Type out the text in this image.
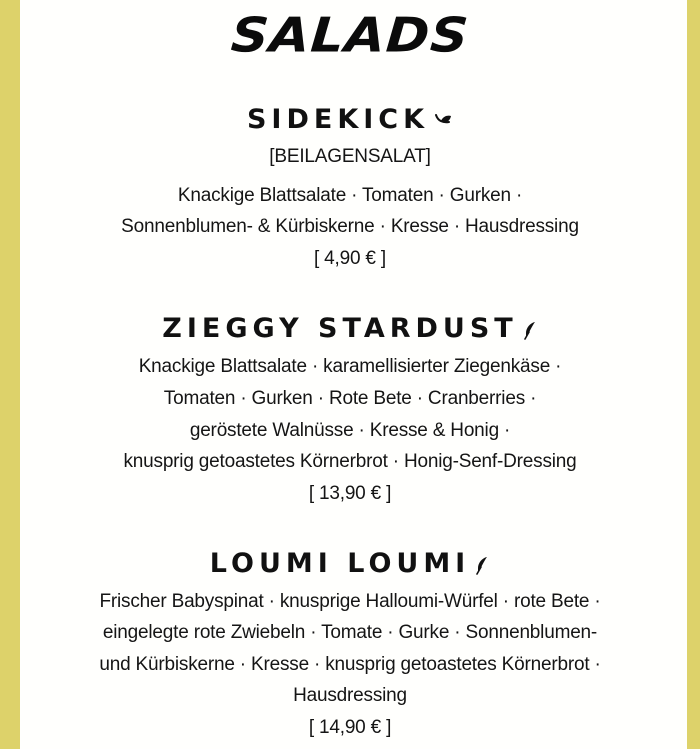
SALADS
SIDEKICK
[BEILAGENSALAT]
Knackige Blattsalate · Tomaten · Gurken ·
Sonnenblumen- & Kürbiskerne · Kresse · Hausdressing
[ 4,90 € ]
ZIEGGY STARDUST
Knackige Blattsalate · karamellisierter Ziegenkäse ·
Tomaten · Gurken · Rote Bete · Cranberries ·
geröstete Walnüsse · Kresse & Honig ·
knusprig getoastetes Körnerbrot · Honig-Senf-Dressing
[ 13,90 € ]
LOUMI LOUMI
Frischer Babyspinat · knusprige Halloumi-Würfel · rote Bete ·
eingelegte rote Zwiebeln · Tomate · Gurke · Sonnenblumen-
und Kürbiskerne · Kresse · knusprig getoastetes Körnerbrot ·
Hausdressing
[ 14,90 € ]
